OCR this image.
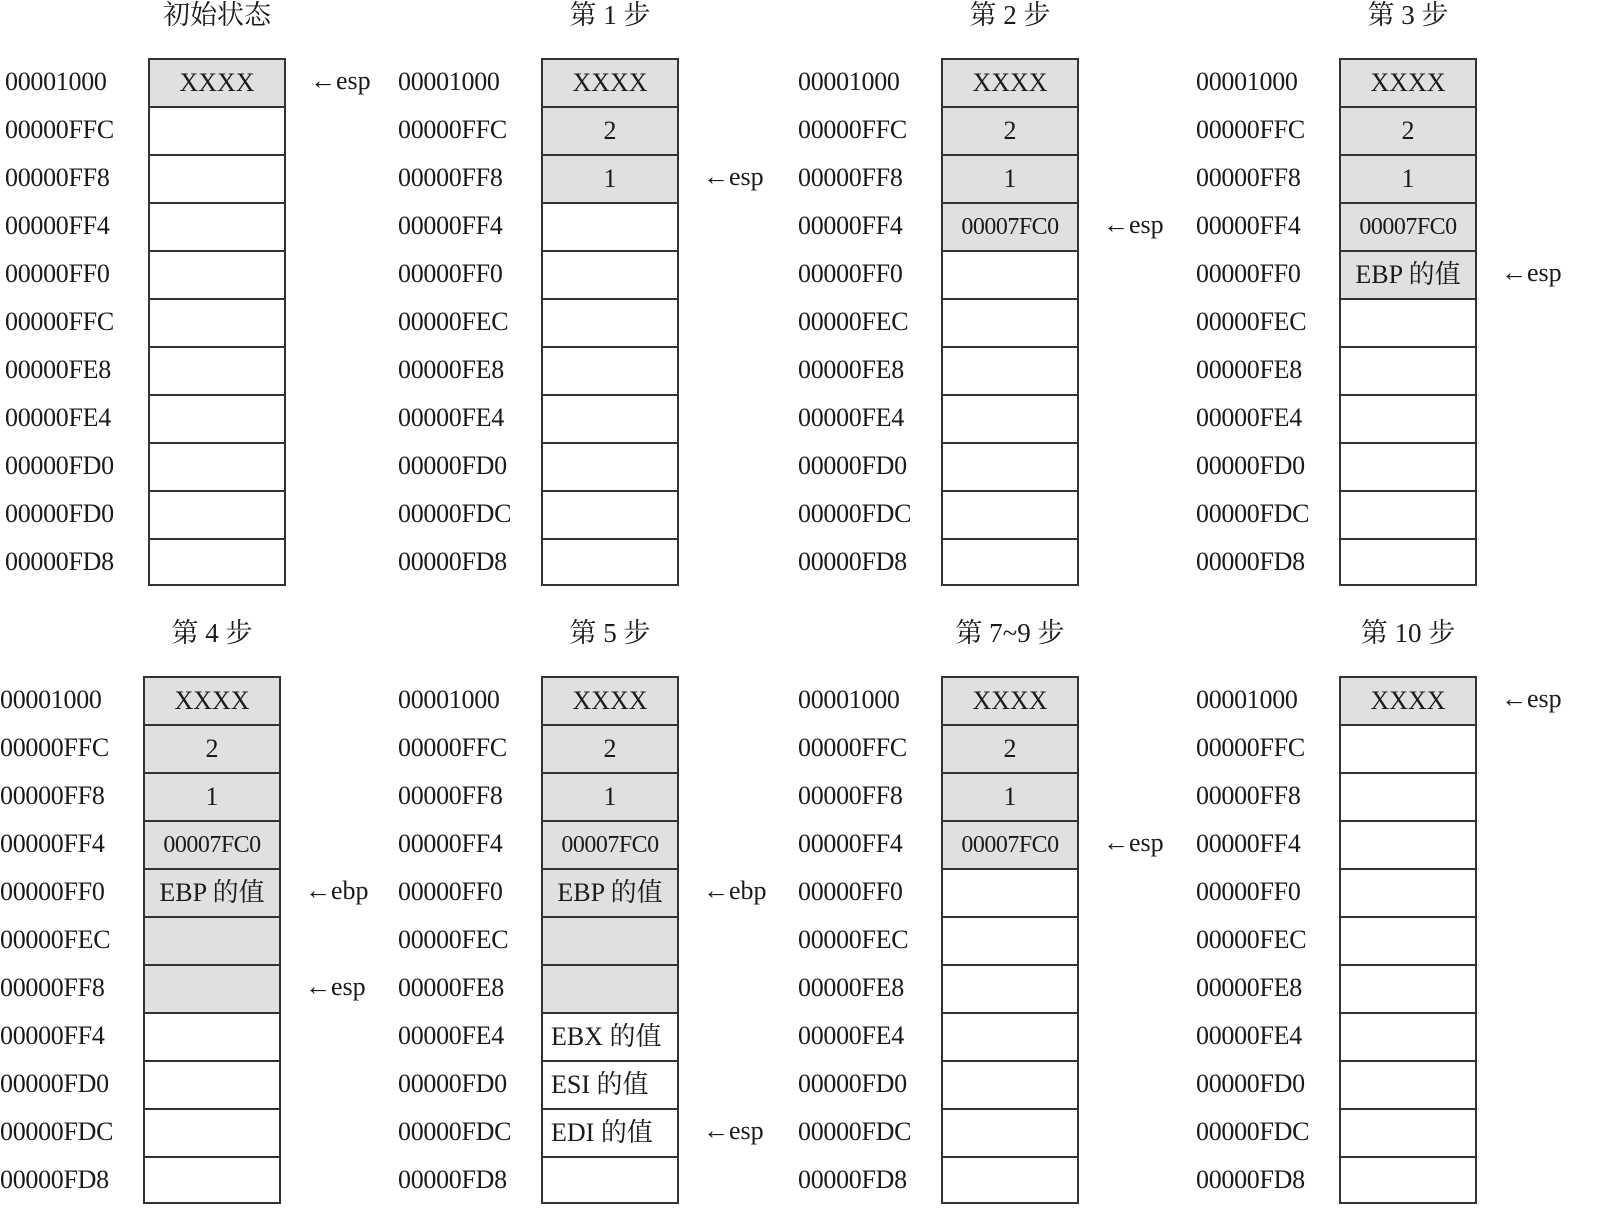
初始状态
00001000	XXXX
00000FFC
00000FF8
00000FF4
00000FF0
00000FFC
00000FE8
00000FE4
00000FD0
00000FD0
00000FD8
←esp
第 1 步
00001000	XXXX
00000FFC	2
00000FF8	1
00000FF4
00000FF0
00000FEC
00000FE8
00000FE4
00000FD0
00000FDC
00000FD8
←esp
第 2 步
00001000	XXXX
00000FFC	2
00000FF8	1
00000FF4	00007FC0
00000FF0
00000FEC
00000FE8
00000FE4
00000FD0
00000FDC
00000FD8
←esp
第 3 步
00001000	XXXX
00000FFC	2
00000FF8	1
00000FF4	00007FC0
00000FF0	EBP 的值
00000FEC
00000FE8
00000FE4
00000FD0
00000FDC
00000FD8
←esp
第 4 步
00001000	XXXX
00000FFC	2
00000FF8	1
00000FF4	00007FC0
00000FF0	EBP 的值
00000FEC
00000FF8
00000FF4
00000FD0
00000FDC
00000FD8
←ebp
←esp
第 5 步
00001000	XXXX
00000FFC	2
00000FF8	1
00000FF4	00007FC0
00000FF0	EBP 的值
00000FEC
00000FE8
00000FE4	EBX 的值
00000FD0	ESI 的值
00000FDC	EDI 的值
00000FD8
←ebp
←esp
第 7~9 步
00001000	XXXX
00000FFC	2
00000FF8	1
00000FF4	00007FC0
00000FF0
00000FEC
00000FE8
00000FE4
00000FD0
00000FDC
00000FD8
←esp
第 10 步
00001000	XXXX
00000FFC
00000FF8
00000FF4
00000FF0
00000FEC
00000FE8
00000FE4
00000FD0
00000FDC
00000FD8
←esp
